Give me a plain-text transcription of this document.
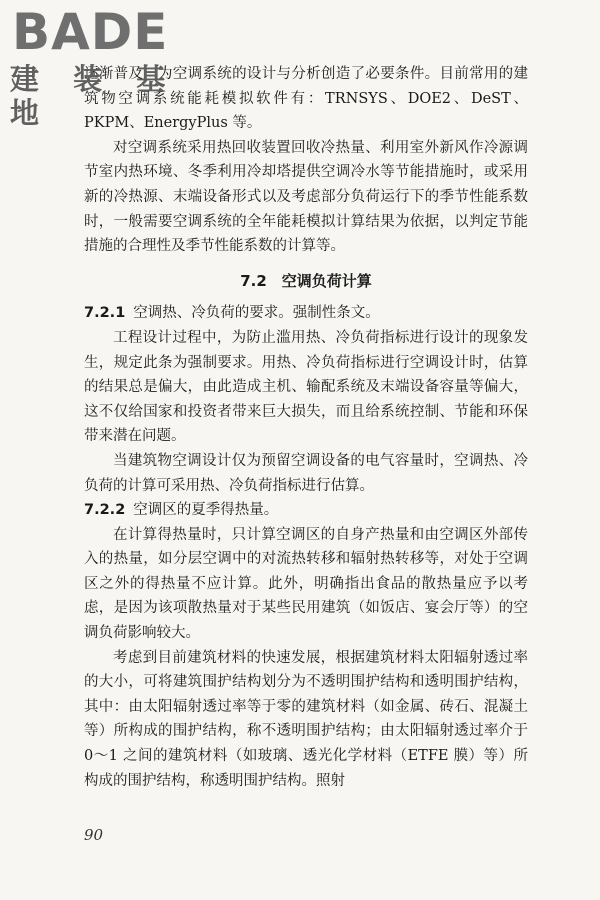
BADE
建 装 基 地

逐渐普及，为空调系统的设计与分析创造了必要条件。目前常用的建筑物空调系统能耗模拟软件有：TRNSYS、DOE2、DeST、PKPM、EnergyPlus 等。

对空调系统采用热回收装置回收冷热量、利用室外新风作冷源调节室内热环境、冬季利用冷却塔提供空调冷水等节能措施时，或采用新的冷热源、末端设备形式以及考虑部分负荷运行下的季节性能系数时，一般需要空调系统的全年能耗模拟计算结果为依据，以判定节能措施的合理性及季节性能系数的计算等。

7.2　空调负荷计算

7.2.1 空调热、冷负荷的要求。强制性条文。

工程设计过程中，为防止滥用热、冷负荷指标进行设计的现象发生，规定此条为强制要求。用热、冷负荷指标进行空调设计时，估算的结果总是偏大，由此造成主机、输配系统及末端设备容量等偏大，这不仅给国家和投资者带来巨大损失，而且给系统控制、节能和环保带来潜在问题。

当建筑物空调设计仅为预留空调设备的电气容量时，空调热、冷负荷的计算可采用热、冷负荷指标进行估算。

7.2.2 空调区的夏季得热量。

在计算得热量时，只计算空调区的自身产热量和由空调区外部传入的热量，如分层空调中的对流热转移和辐射热转移等，对处于空调区之外的得热量不应计算。此外，明确指出食品的散热量应予以考虑，是因为该项散热量对于某些民用建筑（如饭店、宴会厅等）的空调负荷影响较大。

考虑到目前建筑材料的快速发展，根据建筑材料太阳辐射透过率的大小，可将建筑围护结构划分为不透明围护结构和透明围护结构，其中：由太阳辐射透过率等于零的建筑材料（如金属、砖石、混凝土等）所构成的围护结构，称不透明围护结构；由太阳辐射透过率介于 0～1 之间的建筑材料（如玻璃、透光化学材料（ETFE 膜）等）所构成的围护结构，称透明围护结构。照射

90
